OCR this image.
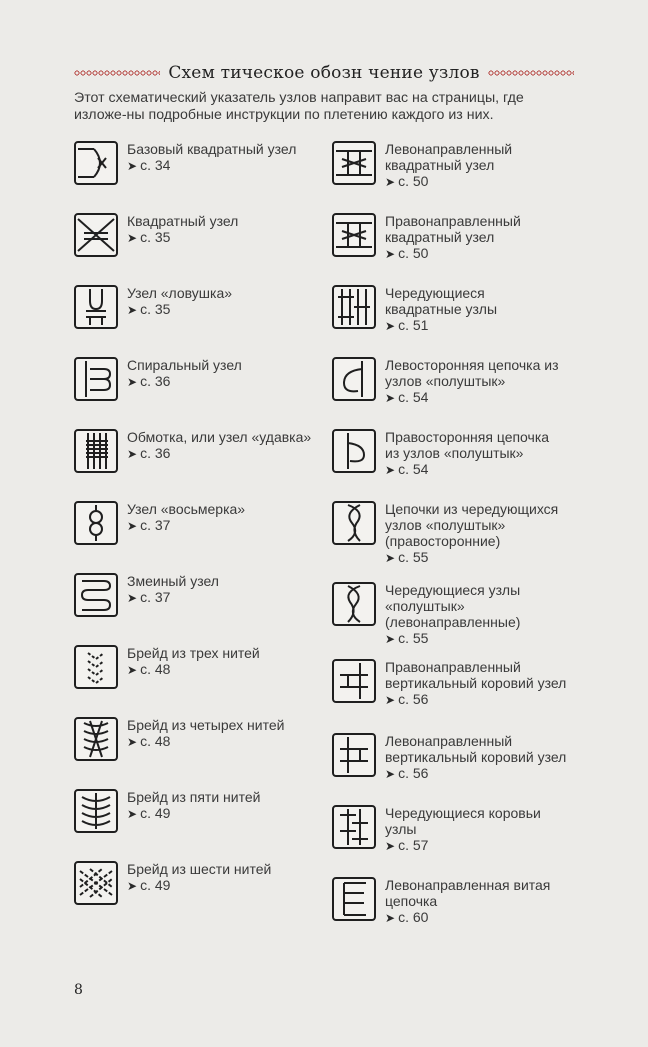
Схем тическое обозн чение узлов
Этот схематический указатель узлов направит вас на страницы, где изложе-ны подробные инструкции по плетению каждого из них.
Базовый квадратный узел
➤ с. 34
Квадратный узел
➤ с. 35
Узел «ловушка»
➤ с. 35
Спиральный узел
➤ с. 36
Обмотка, или узел «удавка»
➤ с. 36
Узел «восьмерка»
➤ с. 37
Змеиный узел
➤ с. 37
Брейд из трех нитей
➤ с. 48
Брейд из четырех нитей
➤ с. 48
Брейд из пяти нитей
➤ с. 49
Брейд из шести нитей
➤ с. 49
Левонаправленный
квадратный узел
➤ с. 50
Правонаправленный
квадратный узел
➤ с. 50
Чередующиеся
квадратные узлы
➤ с. 51
Левосторонняя цепочка из
узлов «полуштык»
➤ с. 54
Правосторонняя цепочка
из узлов «полуштык»
➤ с. 54
Цепочки из чередующихся
узлов «полуштык»
(правосторонние)
➤ с. 55
Чередующиеся узлы
«полуштык»
(левонаправленные)
➤ с. 55
Правонаправленный
вертикальный коровий узел
➤ с. 56
Левонаправленный
вертикальный коровий узел
➤ с. 56
Чередующиеся коровьи
узлы
➤ с. 57
Левонаправленная витая
цепочка
➤ с. 60
8
